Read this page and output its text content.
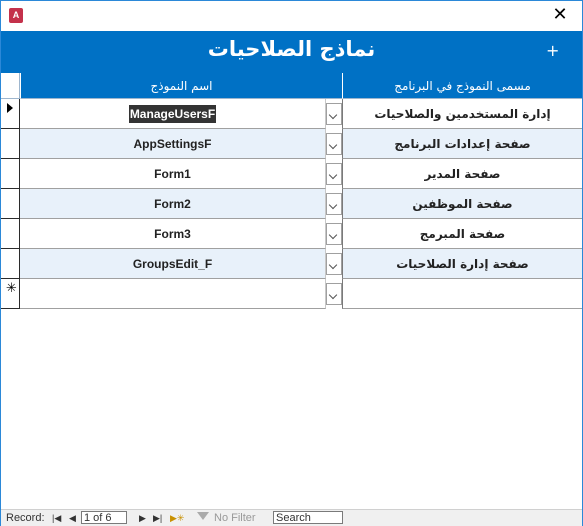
A	✕
نماذج الصلاحيات	+
اسم النموذج	مسمى النموذج في البرنامج
ManageUsersF	إدارة المستخدمين والصلاحيات
AppSettingsF	صفحة إعدادات البرنامج
Form1	صفحة المدير
Form2	صفحة الموظفين
Form3	صفحة المبرمج
GroupsEdit_F	صفحة إدارة الصلاحيات
✳
Record: |◀ ◀ 1 of 6	▶ ▶| ▶✳	No Filter Search
